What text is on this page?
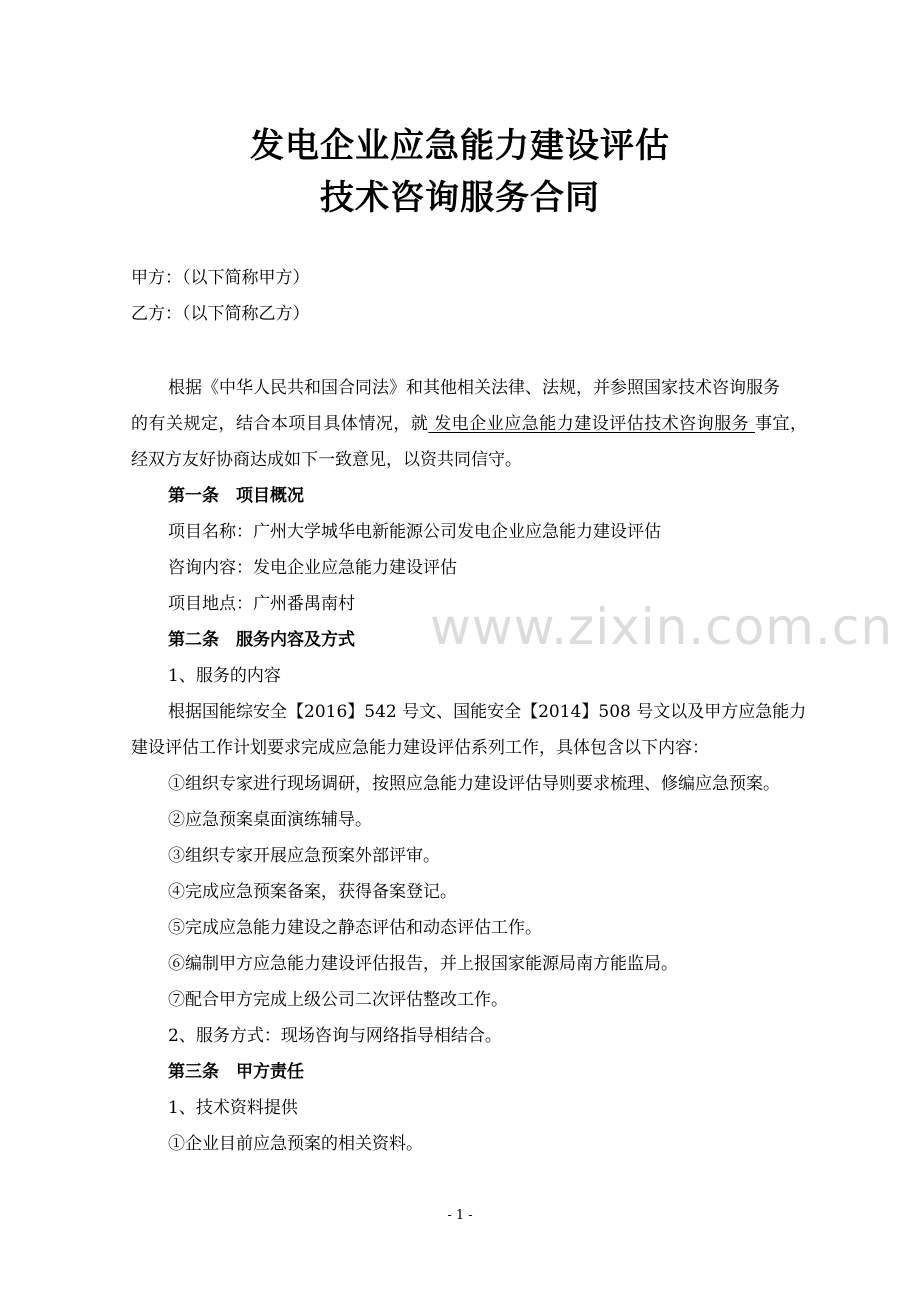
发电企业应急能力建设评估
技术咨询服务合同
甲方：（以下简称甲方）
乙方：（以下简称乙方）
根据《中华人民共和国合同法》和其他相关法律、法规，并参照国家技术咨询服务
的有关规定，结合本项目具体情况，就 发电企业应急能力建设评估技术咨询服务 事宜，
经双方友好协商达成如下一致意见，以资共同信守。
第一条　项目概况
项目名称：广州大学城华电新能源公司发电企业应急能力建设评估
咨询内容：发电企业应急能力建设评估
项目地点：广州番禺南村
第二条　服务内容及方式
1、服务的内容
根据国能综安全【2016】542 号文、国能安全【2014】508 号文以及甲方应急能力
建设评估工作计划要求完成应急能力建设评估系列工作，具体包含以下内容：
①组织专家进行现场调研，按照应急能力建设评估导则要求梳理、修编应急预案。
②应急预案桌面演练辅导。
③组织专家开展应急预案外部评审。
④完成应急预案备案，获得备案登记。
⑤完成应急能力建设之静态评估和动态评估工作。
⑥编制甲方应急能力建设评估报告，并上报国家能源局南方能监局。
⑦配合甲方完成上级公司二次评估整改工作。
2、服务方式：现场咨询与网络指导相结合。
第三条　甲方责任
1、技术资料提供
①企业目前应急预案的相关资料。
www.zixin.com.cn
- 1 -
